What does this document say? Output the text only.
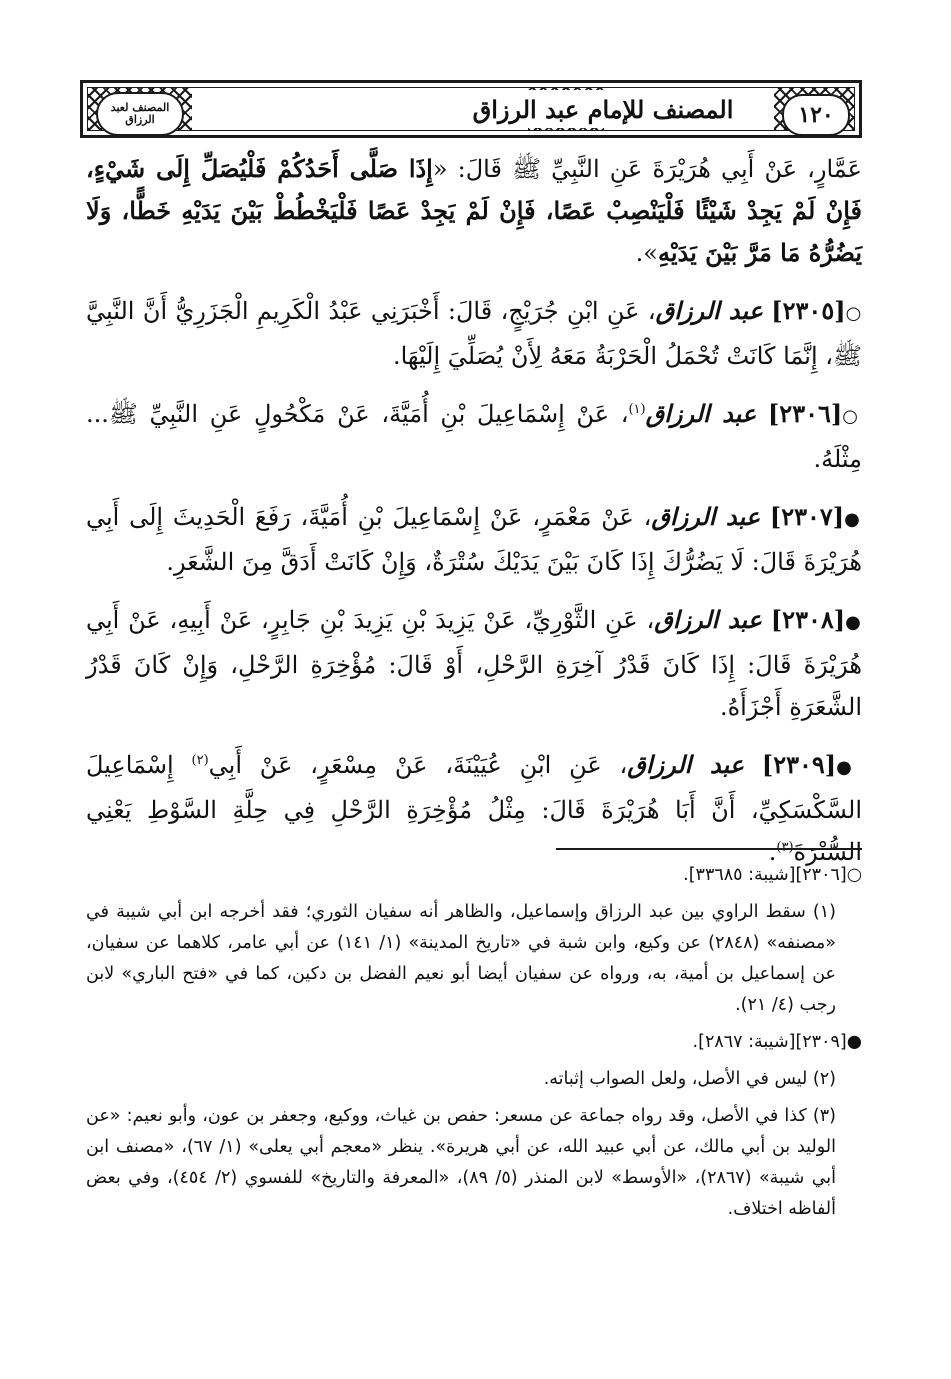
المصنف لعبد الرزاق	المصنف للإمام عبد الرزاق	١٢٠

عَمَّارٍ، عَنْ أَبِي هُرَيْرَةَ عَنِ النَّبِيِّ ﷺ قَالَ: «إِذَا صَلَّى أَحَدُكُمْ فَلْيُصَلِّ إِلَى شَيْءٍ، فَإِنْ لَمْ يَجِدْ شَيْئًا فَلْيَنْصِبْ عَصًا، فَإِنْ لَمْ يَجِدْ عَصًا فَلْيَخْطُطْ بَيْنَ يَدَيْهِ خَطًّا، وَلَا يَضُرُّهُ مَا مَرَّ بَيْنَ يَدَيْهِ».

○[٢٣٠٥] عبد الرزاق، عَنِ ابْنِ جُرَيْجٍ، قَالَ: أَخْبَرَنِي عَبْدُ الْكَرِيمِ الْجَزَرِيُّ أَنَّ النَّبِيَّ ﷺ، إِنَّمَا كَانَتْ تُحْمَلُ الْحَرْبَةُ مَعَهُ لِأَنْ يُصَلِّيَ إِلَيْهَا.

○[٢٣٠٦] عبد الرزاق$^{(١)}$، عَنْ إِسْمَاعِيلَ بْنِ أُمَيَّةَ، عَنْ مَكْحُولٍ عَنِ النَّبِيِّ ﷺ... مِثْلَهُ.

●[٢٣٠٧] عبد الرزاق، عَنْ مَعْمَرٍ، عَنْ إِسْمَاعِيلَ بْنِ أُمَيَّةَ، رَفَعَ الْحَدِيثَ إِلَى أَبِي هُرَيْرَةَ قَالَ: لَا يَضُرُّكَ إِذَا كَانَ بَيْنَ يَدَيْكَ سُتْرَةٌ، وَإِنْ كَانَتْ أَدَقَّ مِنَ الشَّعَرِ.

●[٢٣٠٨] عبد الرزاق، عَنِ الثَّوْرِيِّ، عَنْ يَزِيدَ بْنِ يَزِيدَ بْنِ جَابِرٍ، عَنْ أَبِيهِ، عَنْ أَبِي هُرَيْرَةَ قَالَ: إِذَا كَانَ قَدْرُ آخِرَةِ الرَّحْلِ، أَوْ قَالَ: مُؤْخِرَةِ الرَّحْلِ، وَإِنْ كَانَ قَدْرُ الشَّعَرَةِ أَجْزَأَهُ.

●[٢٣٠٩] عبد الرزاق، عَنِ ابْنِ عُيَيْنَةَ، عَنْ مِسْعَرٍ، عَنْ أَبِي$^{(٢)}$ إِسْمَاعِيلَ السَّكْسَكِيِّ، أَنَّ أَبَا هُرَيْرَةَ قَالَ: مِثْلُ مُؤْخِرَةِ الرَّحْلِ فِي حِلَّةِ السَّوْطِ يَعْنِي السُّتْرَةَ$^{(٣)}$.

○[٢٣٠٦][شيبة: ٣٣٦٨٥].

(١) سقط الراوي بين عبد الرزاق وإسماعيل، والظاهر أنه سفيان الثوري؛ فقد أخرجه ابن أبي شيبة في «مصنفه» (٢٨٤٨) عن وكيع، وابن شبة في «تاريخ المدينة» (١/ ١٤١) عن أبي عامر، كلاهما عن سفيان، عن إسماعيل بن أمية، به، ورواه عن سفيان أيضا أبو نعيم الفضل بن دكين، كما في «فتح الباري» لابن رجب (٤/ ٢١).

●[٢٣٠٩][شيبة: ٢٨٦٧].

(٢) ليس في الأصل، ولعل الصواب إثباته.

(٣) كذا في الأصل، وقد رواه جماعة عن مسعر: حفص بن غياث، ووكيع، وجعفر بن عون، وأبو نعيم: «عن الوليد بن أبي مالك، عن أبي عبيد الله، عن أبي هريرة». ينظر «معجم أبي يعلى» (١/ ٦٧)، «مصنف ابن أبي شيبة» (٢٨٦٧)، «الأوسط» لابن المنذر (٥/ ٨٩)، «المعرفة والتاريخ» للفسوي (٢/ ٤٥٤)، وفي بعض ألفاظه اختلاف.
